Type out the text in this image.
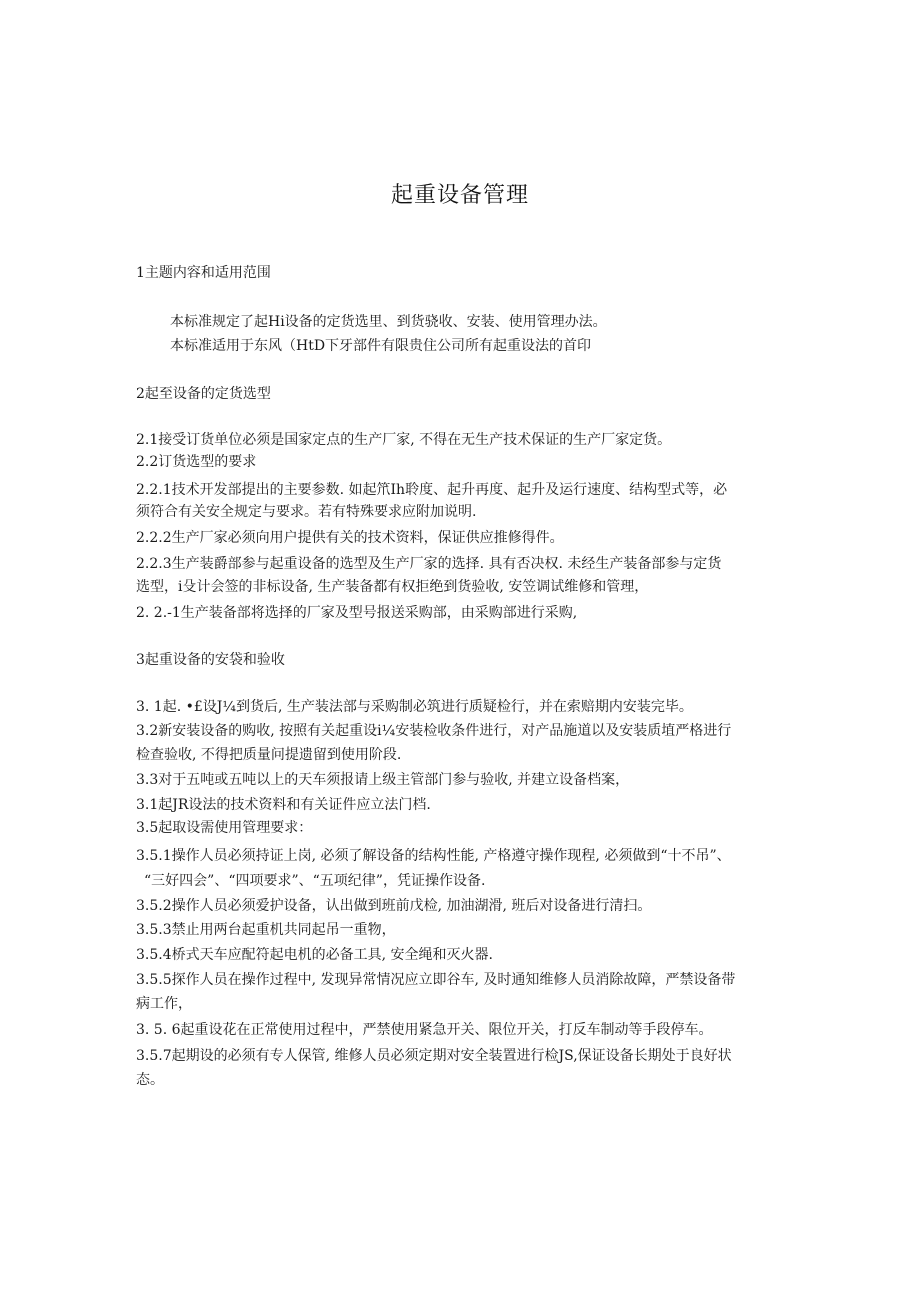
起重设备管理
1主题内容和适用范围
本标准规定了起Hi设备的定货选里、到货骁收、安装、使用管理办法。
本标准适用于东风（HtD下牙部件有限贵住公司所有起重设法的首印
2起至设备的定货选型
2.1接受订货单位必须是国家定点的生产厂家, 不得在无生产技术保证的生产厂家定货。
2.2订货选型的要求
2.2.1技术开发部提出的主要参数. 如起笊Ih聆度、起升再度、起升及运行速度、结构型式等，必
须符合有关安全规定与要求。若有特殊要求应附加说明.
2.2.2生产厂家必须向用户提供有关的技术资料，保证供应推修得件。
2.2.3生产装爵部参与起重设备的选型及生产厂家的选择. 具有否决权. 未经生产装备部参与定货
选型，i殳计会签的非标设备, 生产装备都有权拒绝到货验收, 安笠调试维修和管理，
2. 2.-1生产装备部将选择的厂家及型号报送采购部，由采购部进行采购,
3起重设备的安袋和验收
3. 1起. •£设J¼到货后, 生产装法部与采购制必筑进行质疑检行，并在索赔期内安装完毕。
3.2新安装设备的购收, 按照有关起重设i¼安装检收条件进行，对产品施道以及安装质埴严格进行
检查验收, 不得把质量问提遗留到使用阶段.
3.3对于五吨或五吨以上的天车须报请上级主管部门参与验收, 并建立设备档案，
3.1起JR设法的技术资料和有关证件应立法门档.
3.5起取设需使用管理要求：
3.5.1操作人员必须持证上岗, 必须了解设备的结构性能, 产格遵守操作现程, 必须做到“十不吊”、
“三好四会”、“四项要求”、“五项纪律”，凭证操作设备.
3.5.2操作人员必须爱护设备，认出做到班前戊检, 加油湖滑, 班后对设备进行清扫。
3.5.3禁止用两台起重机共同起吊一重物，
3.5.4桥式天车应配符起电机的必备工具, 安全绳和灭火器.
3.5.5探作人员在操作过程中, 发现异常情况应立即谷车, 及时通知维修人员消除故障，严禁设备带
病工作，
3. 5. 6起重设花在正常使用过程中，严禁使用紧急开关、限位开关，打反车制动等手段停车。
3.5.7起期设的必须有专人保管, 维修人员必须定期对安全装置进行检JS,保证设备长期处于良好状
态。
